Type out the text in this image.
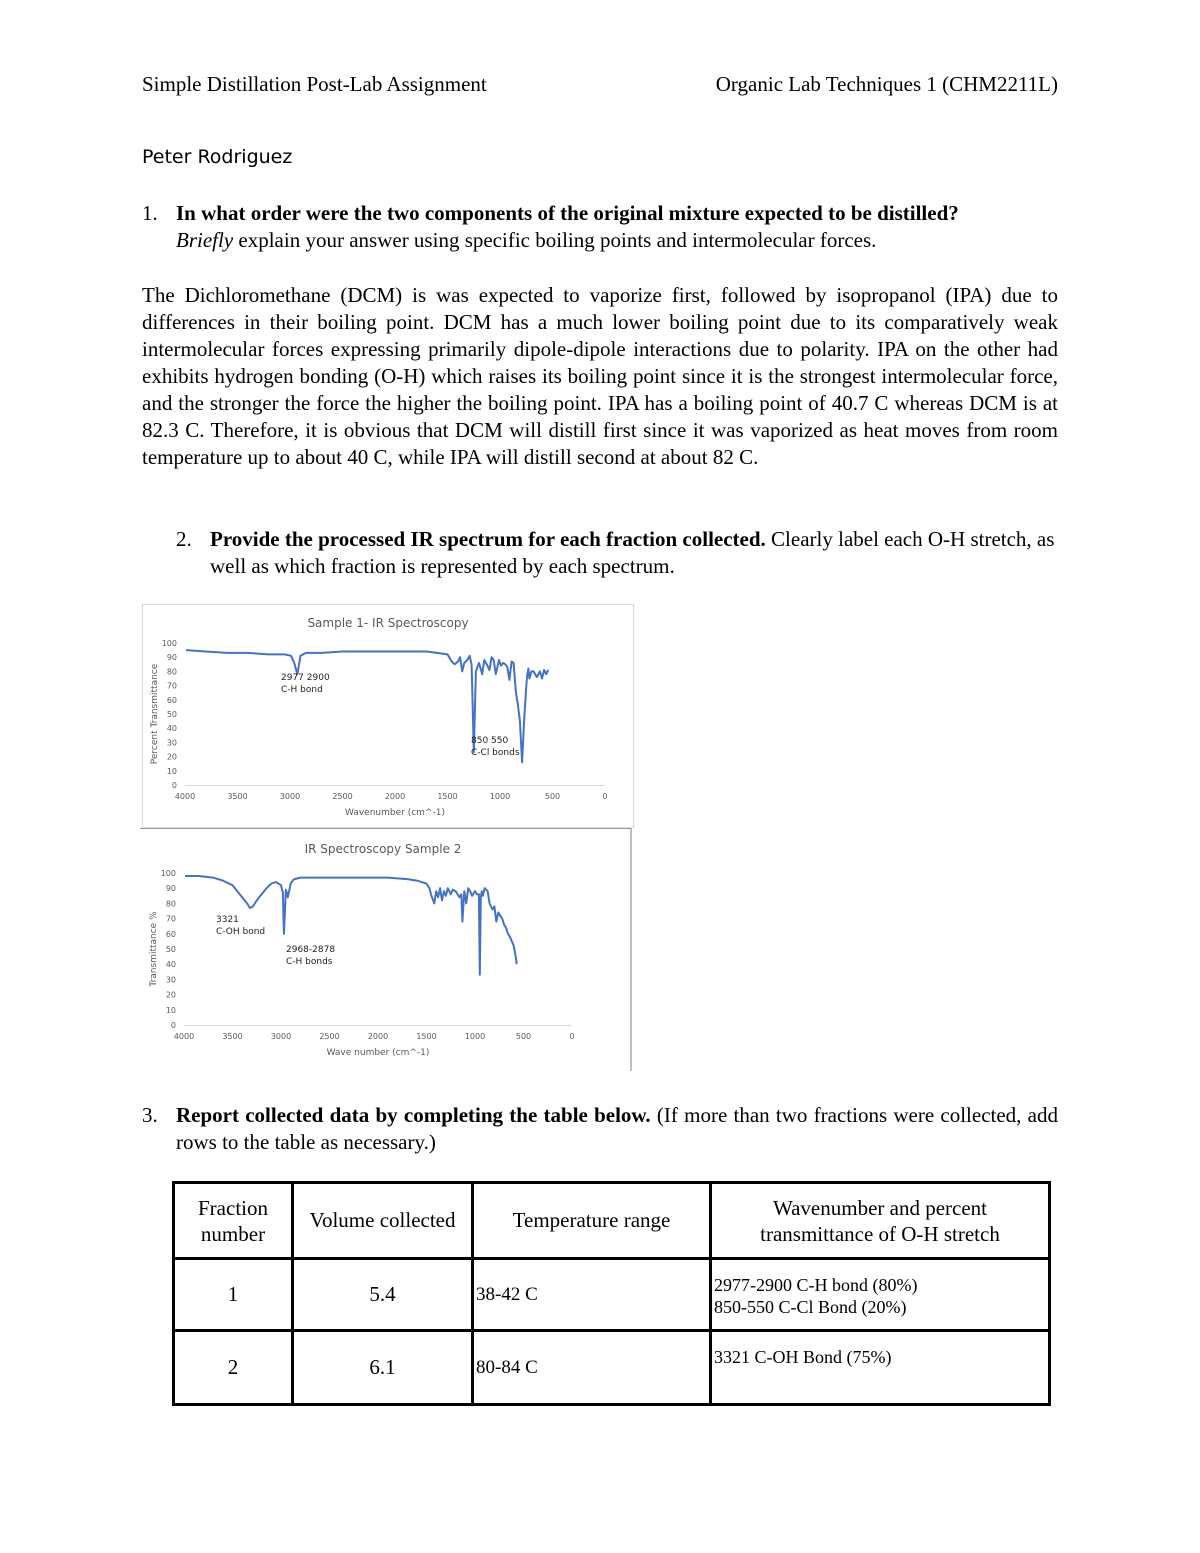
Simple Distillation Post-Lab Assignment	Organic Lab Techniques 1 (CHM2211L)
Peter Rodriguez
1. In what order were the two components of the original mixture expected to be distilled?
Briefly explain your answer using specific boiling points and intermolecular forces.
The Dichloromethane (DCM) is was expected to vaporize first, followed by isopropanol (IPA) due to differences in their boiling point. DCM has a much lower boiling point due to its comparatively weak intermolecular forces expressing primarily dipole-dipole interactions due to polarity. IPA on the other had exhibits hydrogen bonding (O-H) which raises its boiling point since it is the strongest intermolecular force, and the stronger the force the higher the boiling point. IPA has a boiling point of 40.7 C whereas DCM is at 82.3 C. Therefore, it is obvious that DCM will distill first since it was vaporized as heat moves from room temperature up to about 40 C, while IPA will distill second at about 82 C.
2. Provide the processed IR spectrum for each fraction collected. Clearly label each O-H stretch, as well as which fraction is represented by each spectrum.
Sample 1- IR Spectroscopy
100
90
80
70
60
50
40
30
20
10
0
4000	3500	3000	2500	2000	1500	1000	500	0
Wavenumber (cm^-1)
Percent Transmittance	2977 2900
C-H bond
850 550
C-Cl bonds
IR Spectroscopy Sample 2
100
90
80
70
60
50
40
30
20
10
0
4000	3500	3000	2500	2000	1500	1000	500	0
Wave number (cm^-1)
Transmittance %	3321
C-OH bond
2968-2878
C-H bonds
3. Report collected data by completing the table below. (If more than two fractions were collected, add rows to the table as necessary.)
Fraction number	Volume collected	Temperature range	Wavenumber and percent transmittance of O-H stretch
1	5.4	38-42 C	2977-2900 C-H bond (80%)
850-550 C-Cl Bond (20%)
2	6.1	80-84 C	3321 C-OH Bond (75%)
